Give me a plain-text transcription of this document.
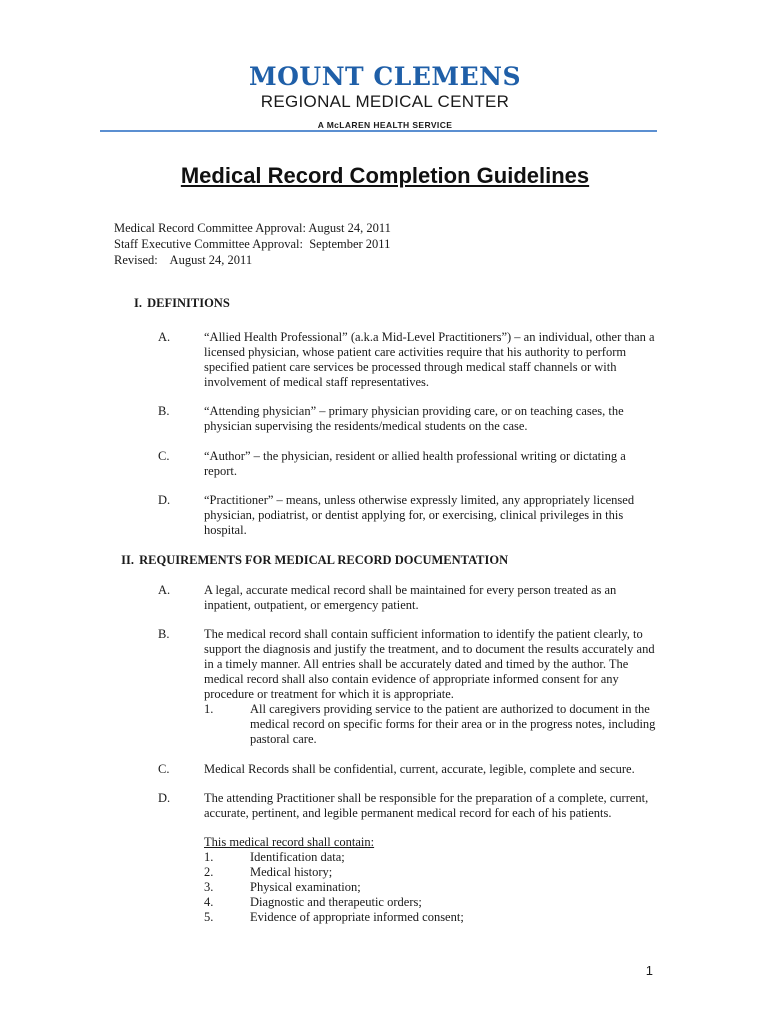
MOUNT CLEMENS
REGIONAL MEDICAL CENTER
A McLAREN HEALTH SERVICE
Medical Record Completion Guidelines
Medical Record Committee Approval: August 24, 2011
Staff Executive Committee Approval:  September 2011
Revised:    August 24, 2011
I. DEFINITIONS
A.	“Allied Health Professional” (a.k.a Mid-Level Practitioners”) – an individual, other than a licensed physician, whose patient care activities require that his authority to perform specified patient care services be processed through medical staff channels or with involvement of medical staff representatives.
B.	“Attending physician” – primary physician providing care, or on teaching cases, the physician supervising the residents/medical students on the case.
C.	“Author” – the physician, resident or allied health professional writing or dictating a report.
D.	“Practitioner” – means, unless otherwise expressly limited, any appropriately licensed physician, podiatrist, or dentist applying for, or exercising, clinical privileges in this hospital.
II. REQUIREMENTS FOR MEDICAL RECORD DOCUMENTATION
A.	A legal, accurate medical record shall be maintained for every person treated as an inpatient, outpatient, or emergency patient.
B.	The medical record shall contain sufficient information to identify the patient clearly, to support the diagnosis and justify the treatment, and to document the results accurately and in a timely manner. All entries shall be accurately dated and timed by the author. The medical record shall also contain evidence of appropriate informed consent for any procedure or treatment for which it is appropriate.
1.	All caregivers providing service to the patient are authorized to document in the medical record on specific forms for their area or in the progress notes, including pastoral care.
C.	Medical Records shall be confidential, current, accurate, legible, complete and secure.
D.	The attending Practitioner shall be responsible for the preparation of a complete, current, accurate, pertinent, and legible permanent medical record for each of his patients.
This medical record shall contain:
1.	Identification data;
2.	Medical history;
3.	Physical examination;
4.	Diagnostic and therapeutic orders;
5.	Evidence of appropriate informed consent;
1
